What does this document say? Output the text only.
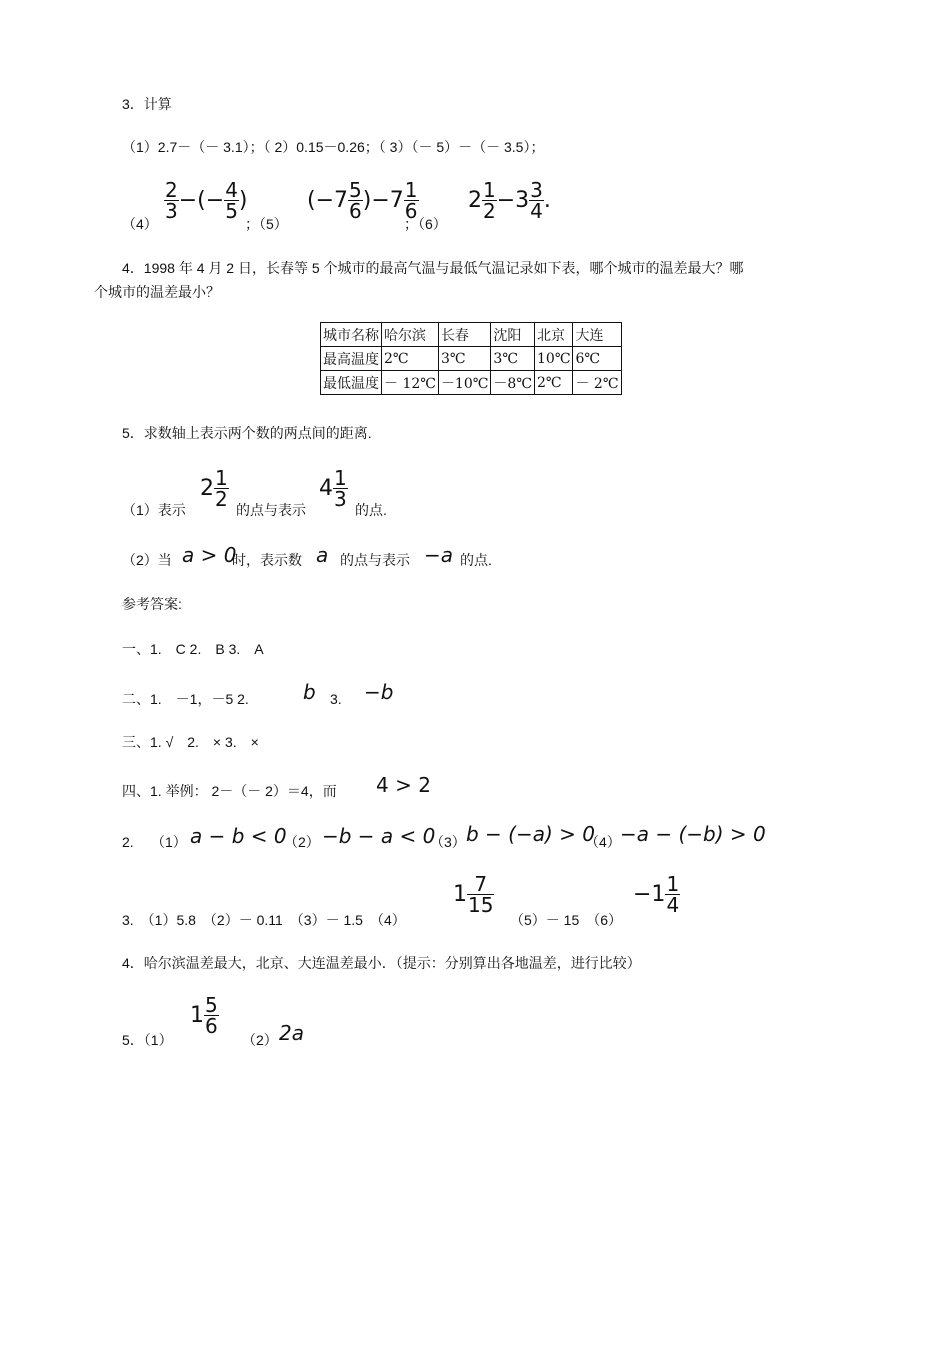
3．计算
（1）2.7－（－ 3.1）；（ 2）0.15－0.26；（ 3）（－ 5）－（－ 3.5）；
（4）
$\frac{2}{3}$ −(− $\frac{4}{5}$ )
；（5）
$(-7 \frac{5}{6} )-7 \frac{1}{6}$
；（6）
$2 \frac{1}{2} -3 \frac{3}{4}$ .
4．1998 年 4 月 2 日，长春等 5 个城市的最高气温与最低气温记录如下表，哪个城市的温差最大？哪
个城市的温差最小？
城市名称	哈尔滨	长春	沈阳	北京	大连
最高温度	2℃	3℃	3℃	10℃	6℃
最低温度	－ 12℃	－10℃	－8℃	2℃	－ 2℃
5．求数轴上表示两个数的两点间的距离.
（1）表示
$2 \frac{1}{2}$
的点与表示
$4 \frac{1}{3}$
的点.
（2）当 a > 0
时，表示数 a 的点与表示 −a 的点.
参考答案:
一、1.　C 2.　B 3.　A
二、1.　－1，－5 2.	b 3. −b
三、1. √　2.　× 3.　×
四、1. 举例： 2－（－ 2）＝4，而 4 > 2
2.　 （1） a − b < 0
（2） −b − a < 0
（3） b − (−a) > 0
（4） −a − (−b) > 0
3.　（1）5.8　（2）－ 0.11　（3）－ 1.5　（4）
$1 \frac{7}{15}$
（5）－ 15　（6）
$-1 \frac{1}{4}$
4．哈尔滨温差最大，北京、大连温差最小．（提示：分别算出各地温差，进行比较）
5．（1）
$1 \frac{5}{6}$
（2） 2a
